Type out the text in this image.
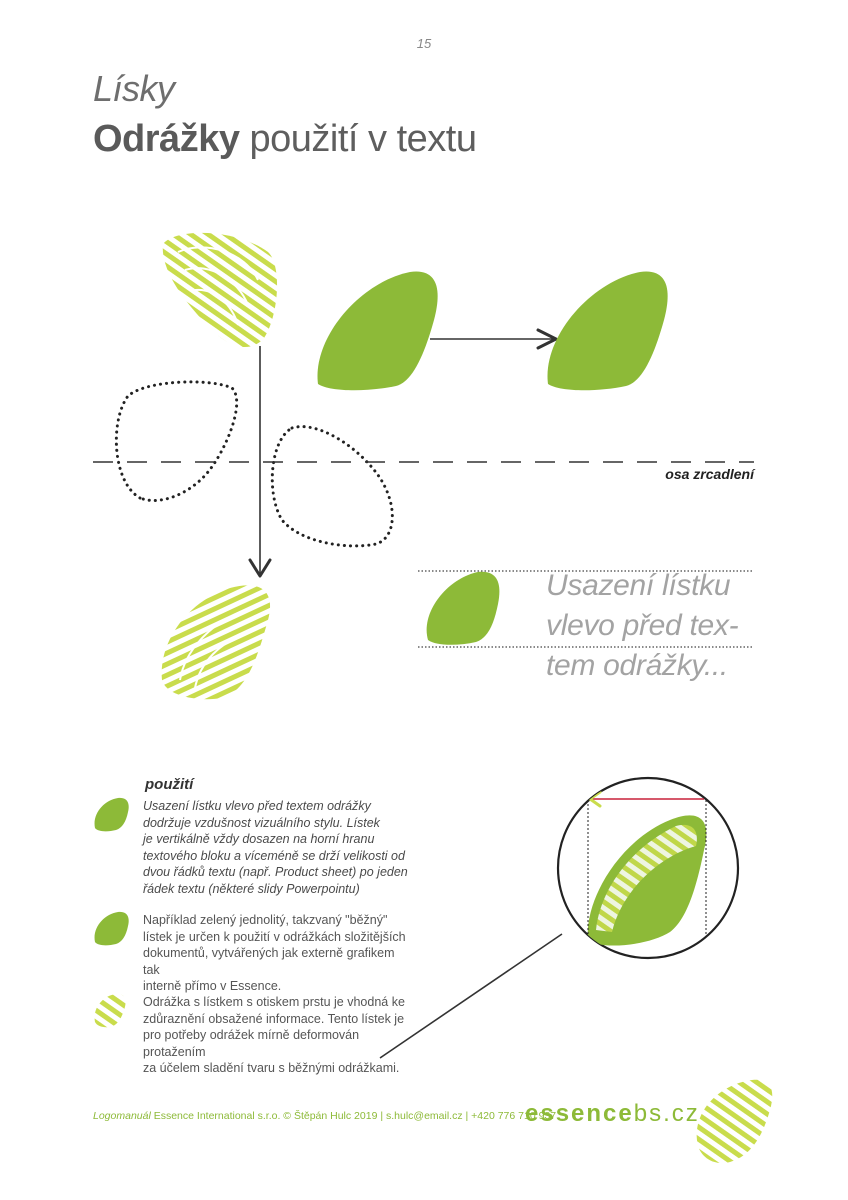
15
Lísky
Odrážky použití v textu
osa zrcadlení
Usazení lístku
vlevo před tex-
tem odrážky...
použití
Usazení lístku vlevo před textem odrážky
dodržuje vzdušnost vizuálního stylu. Lístek
je vertikálně vždy dosazen na horní hranu
textového bloku a víceméně se drží velikosti od
dvou řádků textu (např. Product sheet) po jeden
řádek textu (některé slidy Powerpointu)
Například zelený jednolitý, takzvaný "běžný"
lístek je určen k použití v odrážkách složitějších
dokumentů, vytvářených jak externě grafikem tak
interně přímo v Essence.
Odrážka s lístkem s otiskem prstu je vhodná ke
zdůraznění obsažené informace. Tento lístek je
pro potřeby odrážek mírně deformován protažením
za účelem sladění tvaru s běžnými odrážkami.
Logomanuál Essence International s.r.o. © Štěpán Hulc 2019 | s.hulc@email.cz | +420 776 710 937
essencebs.cz
